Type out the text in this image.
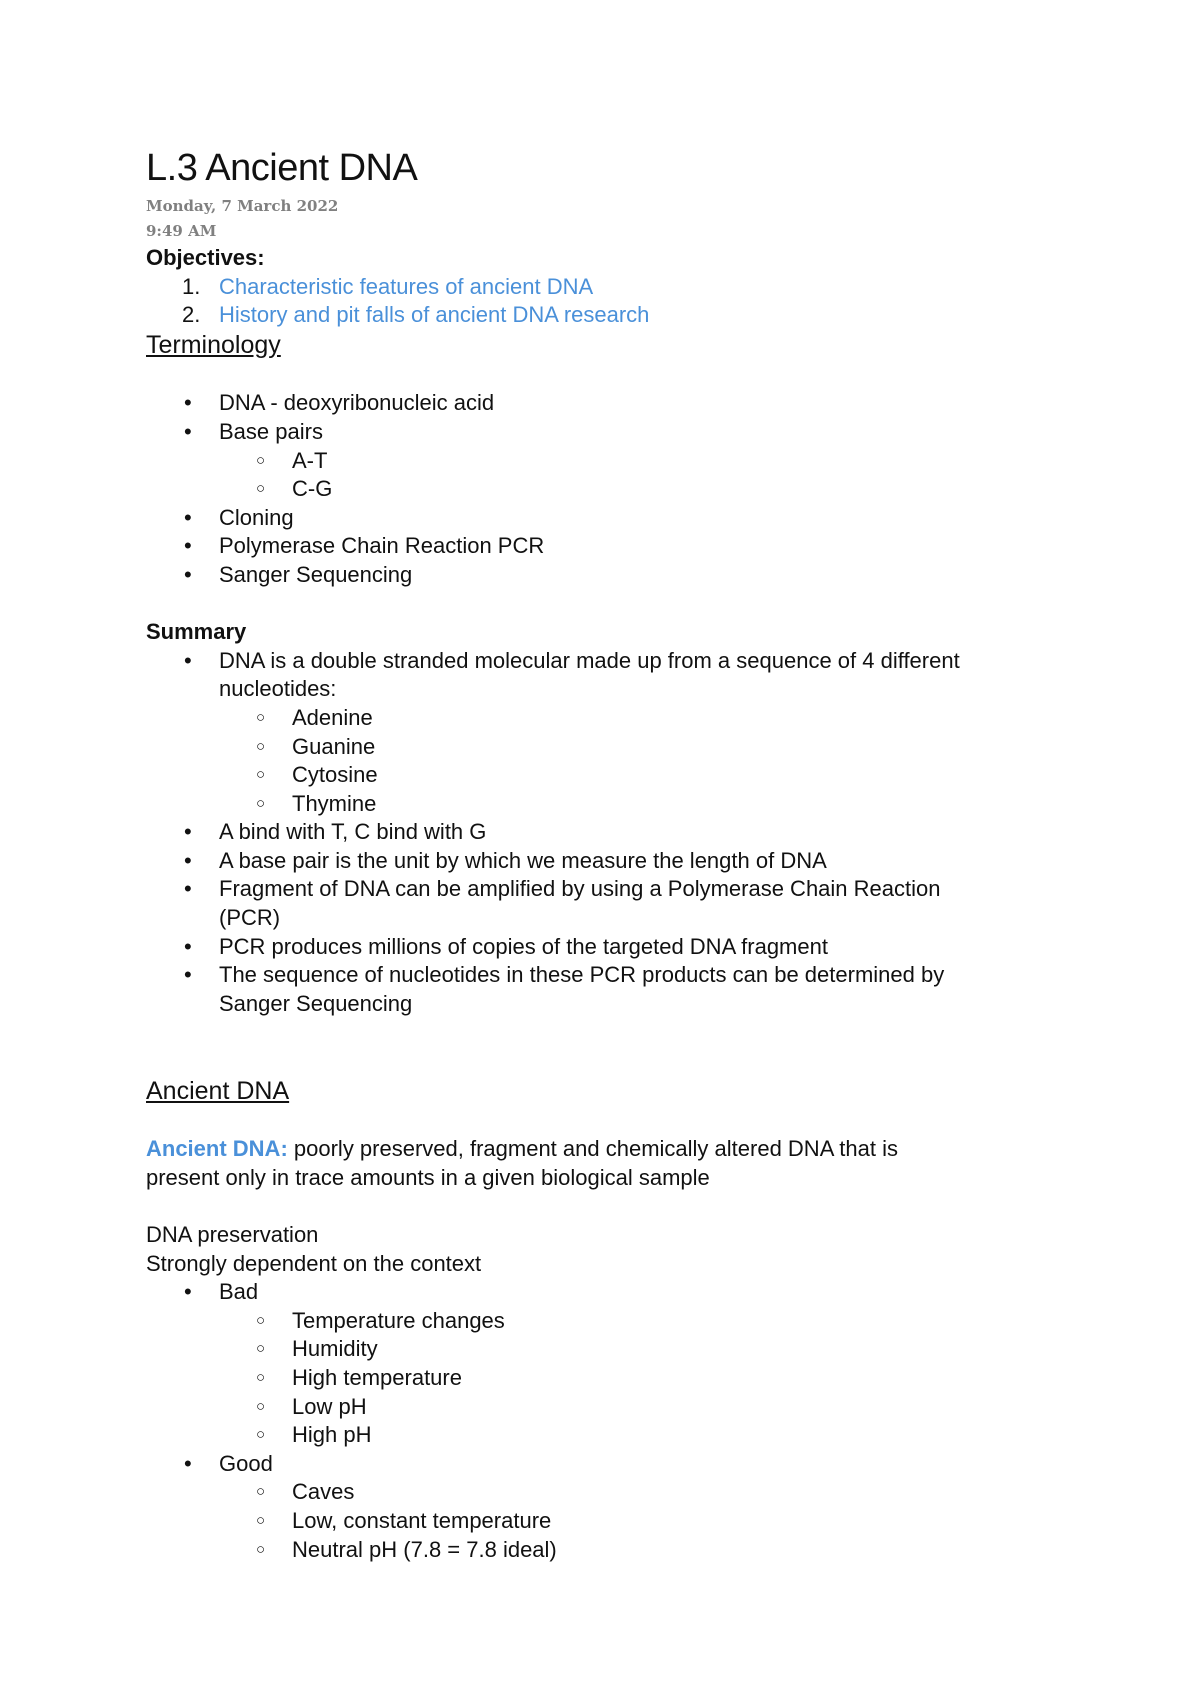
L.3 Ancient DNA
Monday, 7 March 2022
9:49 AM
Objectives:
1. Characteristic features of ancient DNA
2. History and pit falls of ancient DNA research
Terminology
• DNA - deoxyribonucleic acid
• Base pairs
○ A-T
○ C-G
• Cloning
• Polymerase Chain Reaction PCR
• Sanger Sequencing
Summary
• DNA is a double stranded molecular made up from a sequence of 4 different
nucleotides:
○ Adenine
○ Guanine
○ Cytosine
○ Thymine
• A bind with T, C bind with G
• A base pair is the unit by which we measure the length of DNA
• Fragment of DNA can be amplified by using a Polymerase Chain Reaction
(PCR)
• PCR produces millions of copies of the targeted DNA fragment
• The sequence of nucleotides in these PCR products can be determined by
Sanger Sequencing
Ancient DNA
Ancient DNA: poorly preserved, fragment and chemically altered DNA that is
present only in trace amounts in a given biological sample
DNA preservation
Strongly dependent on the context
• Bad
○ Temperature changes
○ Humidity
○ High temperature
○ Low pH
○ High pH
• Good
○ Caves
○ Low, constant temperature
○ Neutral pH (7.8 = 7.8 ideal)
